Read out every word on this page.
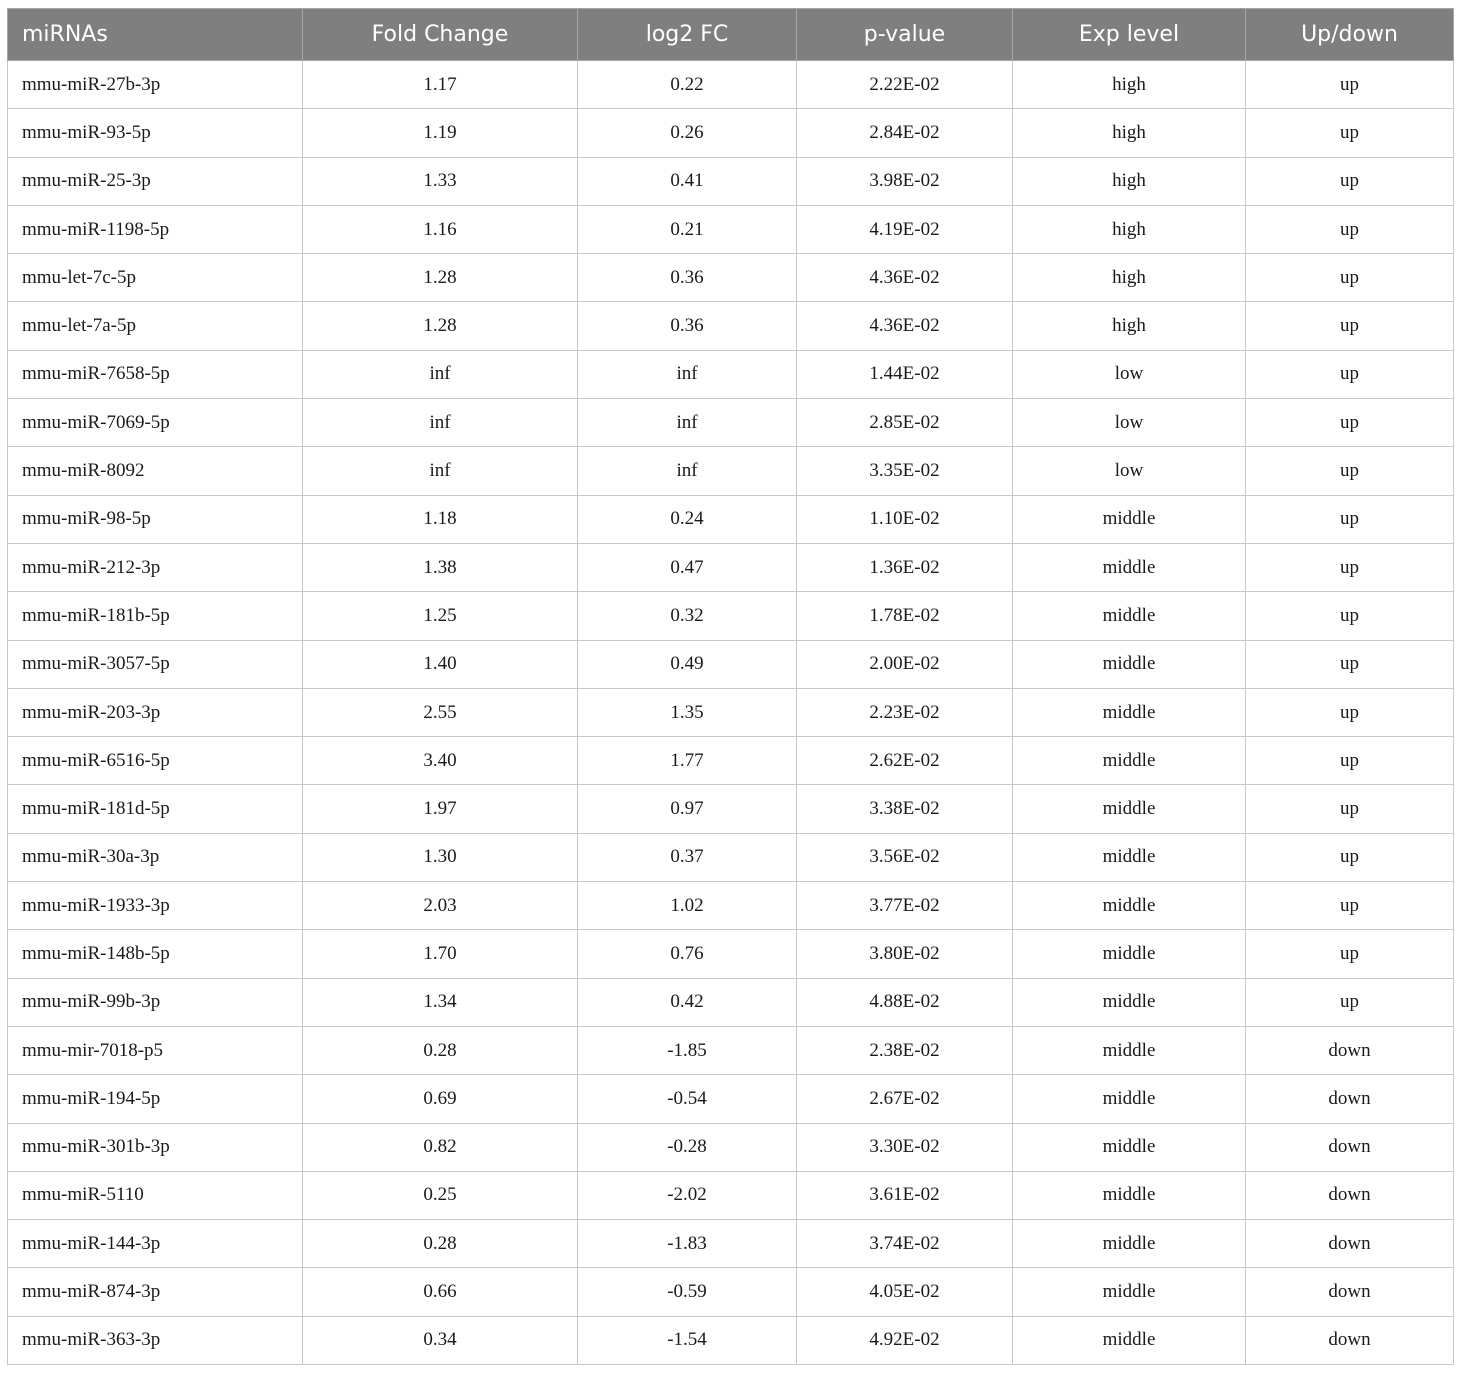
miRNAs	Fold Change	log2 FC	p-value	Exp level	Up/down
mmu-miR-27b-3p	1.17	0.22	2.22E-02	high	up
mmu-miR-93-5p	1.19	0.26	2.84E-02	high	up
mmu-miR-25-3p	1.33	0.41	3.98E-02	high	up
mmu-miR-1198-5p	1.16	0.21	4.19E-02	high	up
mmu-let-7c-5p	1.28	0.36	4.36E-02	high	up
mmu-let-7a-5p	1.28	0.36	4.36E-02	high	up
mmu-miR-7658-5p	inf	inf	1.44E-02	low	up
mmu-miR-7069-5p	inf	inf	2.85E-02	low	up
mmu-miR-8092	inf	inf	3.35E-02	low	up
mmu-miR-98-5p	1.18	0.24	1.10E-02	middle	up
mmu-miR-212-3p	1.38	0.47	1.36E-02	middle	up
mmu-miR-181b-5p	1.25	0.32	1.78E-02	middle	up
mmu-miR-3057-5p	1.40	0.49	2.00E-02	middle	up
mmu-miR-203-3p	2.55	1.35	2.23E-02	middle	up
mmu-miR-6516-5p	3.40	1.77	2.62E-02	middle	up
mmu-miR-181d-5p	1.97	0.97	3.38E-02	middle	up
mmu-miR-30a-3p	1.30	0.37	3.56E-02	middle	up
mmu-miR-1933-3p	2.03	1.02	3.77E-02	middle	up
mmu-miR-148b-5p	1.70	0.76	3.80E-02	middle	up
mmu-miR-99b-3p	1.34	0.42	4.88E-02	middle	up
mmu-mir-7018-p5	0.28	-1.85	2.38E-02	middle	down
mmu-miR-194-5p	0.69	-0.54	2.67E-02	middle	down
mmu-miR-301b-3p	0.82	-0.28	3.30E-02	middle	down
mmu-miR-5110	0.25	-2.02	3.61E-02	middle	down
mmu-miR-144-3p	0.28	-1.83	3.74E-02	middle	down
mmu-miR-874-3p	0.66	-0.59	4.05E-02	middle	down
mmu-miR-363-3p	0.34	-1.54	4.92E-02	middle	down
